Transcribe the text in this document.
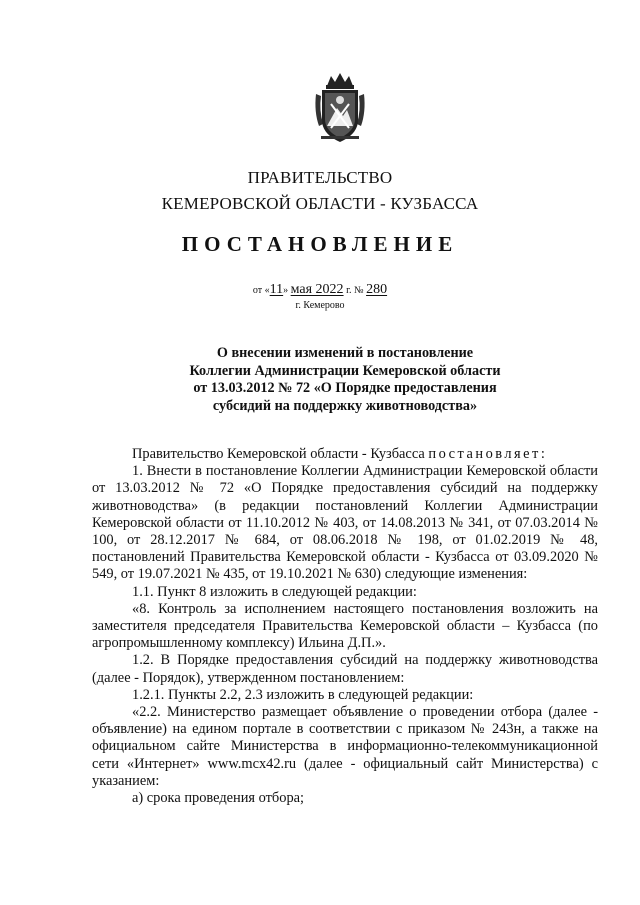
ПРАВИТЕЛЬСТВО
КЕМЕРОВСКОЙ ОБЛАСТИ - КУЗБАССА
ПОСТАНОВЛЕНИЕ
от «11» мая 2022 г. № 280
г. Кемерово
О внесении изменений в постановление
Коллегии Администрации Кемеровской области
от 13.03.2012 № 72 «О Порядке предоставления
субсидий на поддержку животноводства»

Правительство Кемеровской области - Кузбасса постановляет:

1. Внести в постановление Коллегии Администрации Кемеровской области от 13.03.2012 № 72 «О Порядке предоставления субсидий на поддержку животноводства» (в редакции постановлений Коллегии Администрации Кемеровской области от 11.10.2012 № 403, от 14.08.2013 № 341, от 07.03.2014 № 100, от 28.12.2017 № 684, от 08.06.2018 № 198, от 01.02.2019 № 48, постановлений Правительства Кемеровской области - Кузбасса от 03.09.2020 № 549, от 19.07.2021 № 435, от 19.10.2021 № 630) следующие изменения:

1.1. Пункт 8 изложить в следующей редакции:

«8. Контроль за исполнением настоящего постановления возложить на заместителя председателя Правительства Кемеровской области – Кузбасса (по агропромышленному комплексу) Ильина Д.П.».

1.2. В Порядке предоставления субсидий на поддержку животноводства (далее - Порядок), утвержденном постановлением:

1.2.1. Пункты 2.2, 2.3 изложить в следующей редакции:

«2.2. Министерство размещает объявление о проведении отбора (далее - объявление) на едином портале в соответствии с приказом № 243н, а также на официальном сайте Министерства в информационно-телекоммуникационной сети «Интернет» www.mcx42.ru (далее - официальный сайт Министерства) с указанием:

а) срока проведения отбора;
